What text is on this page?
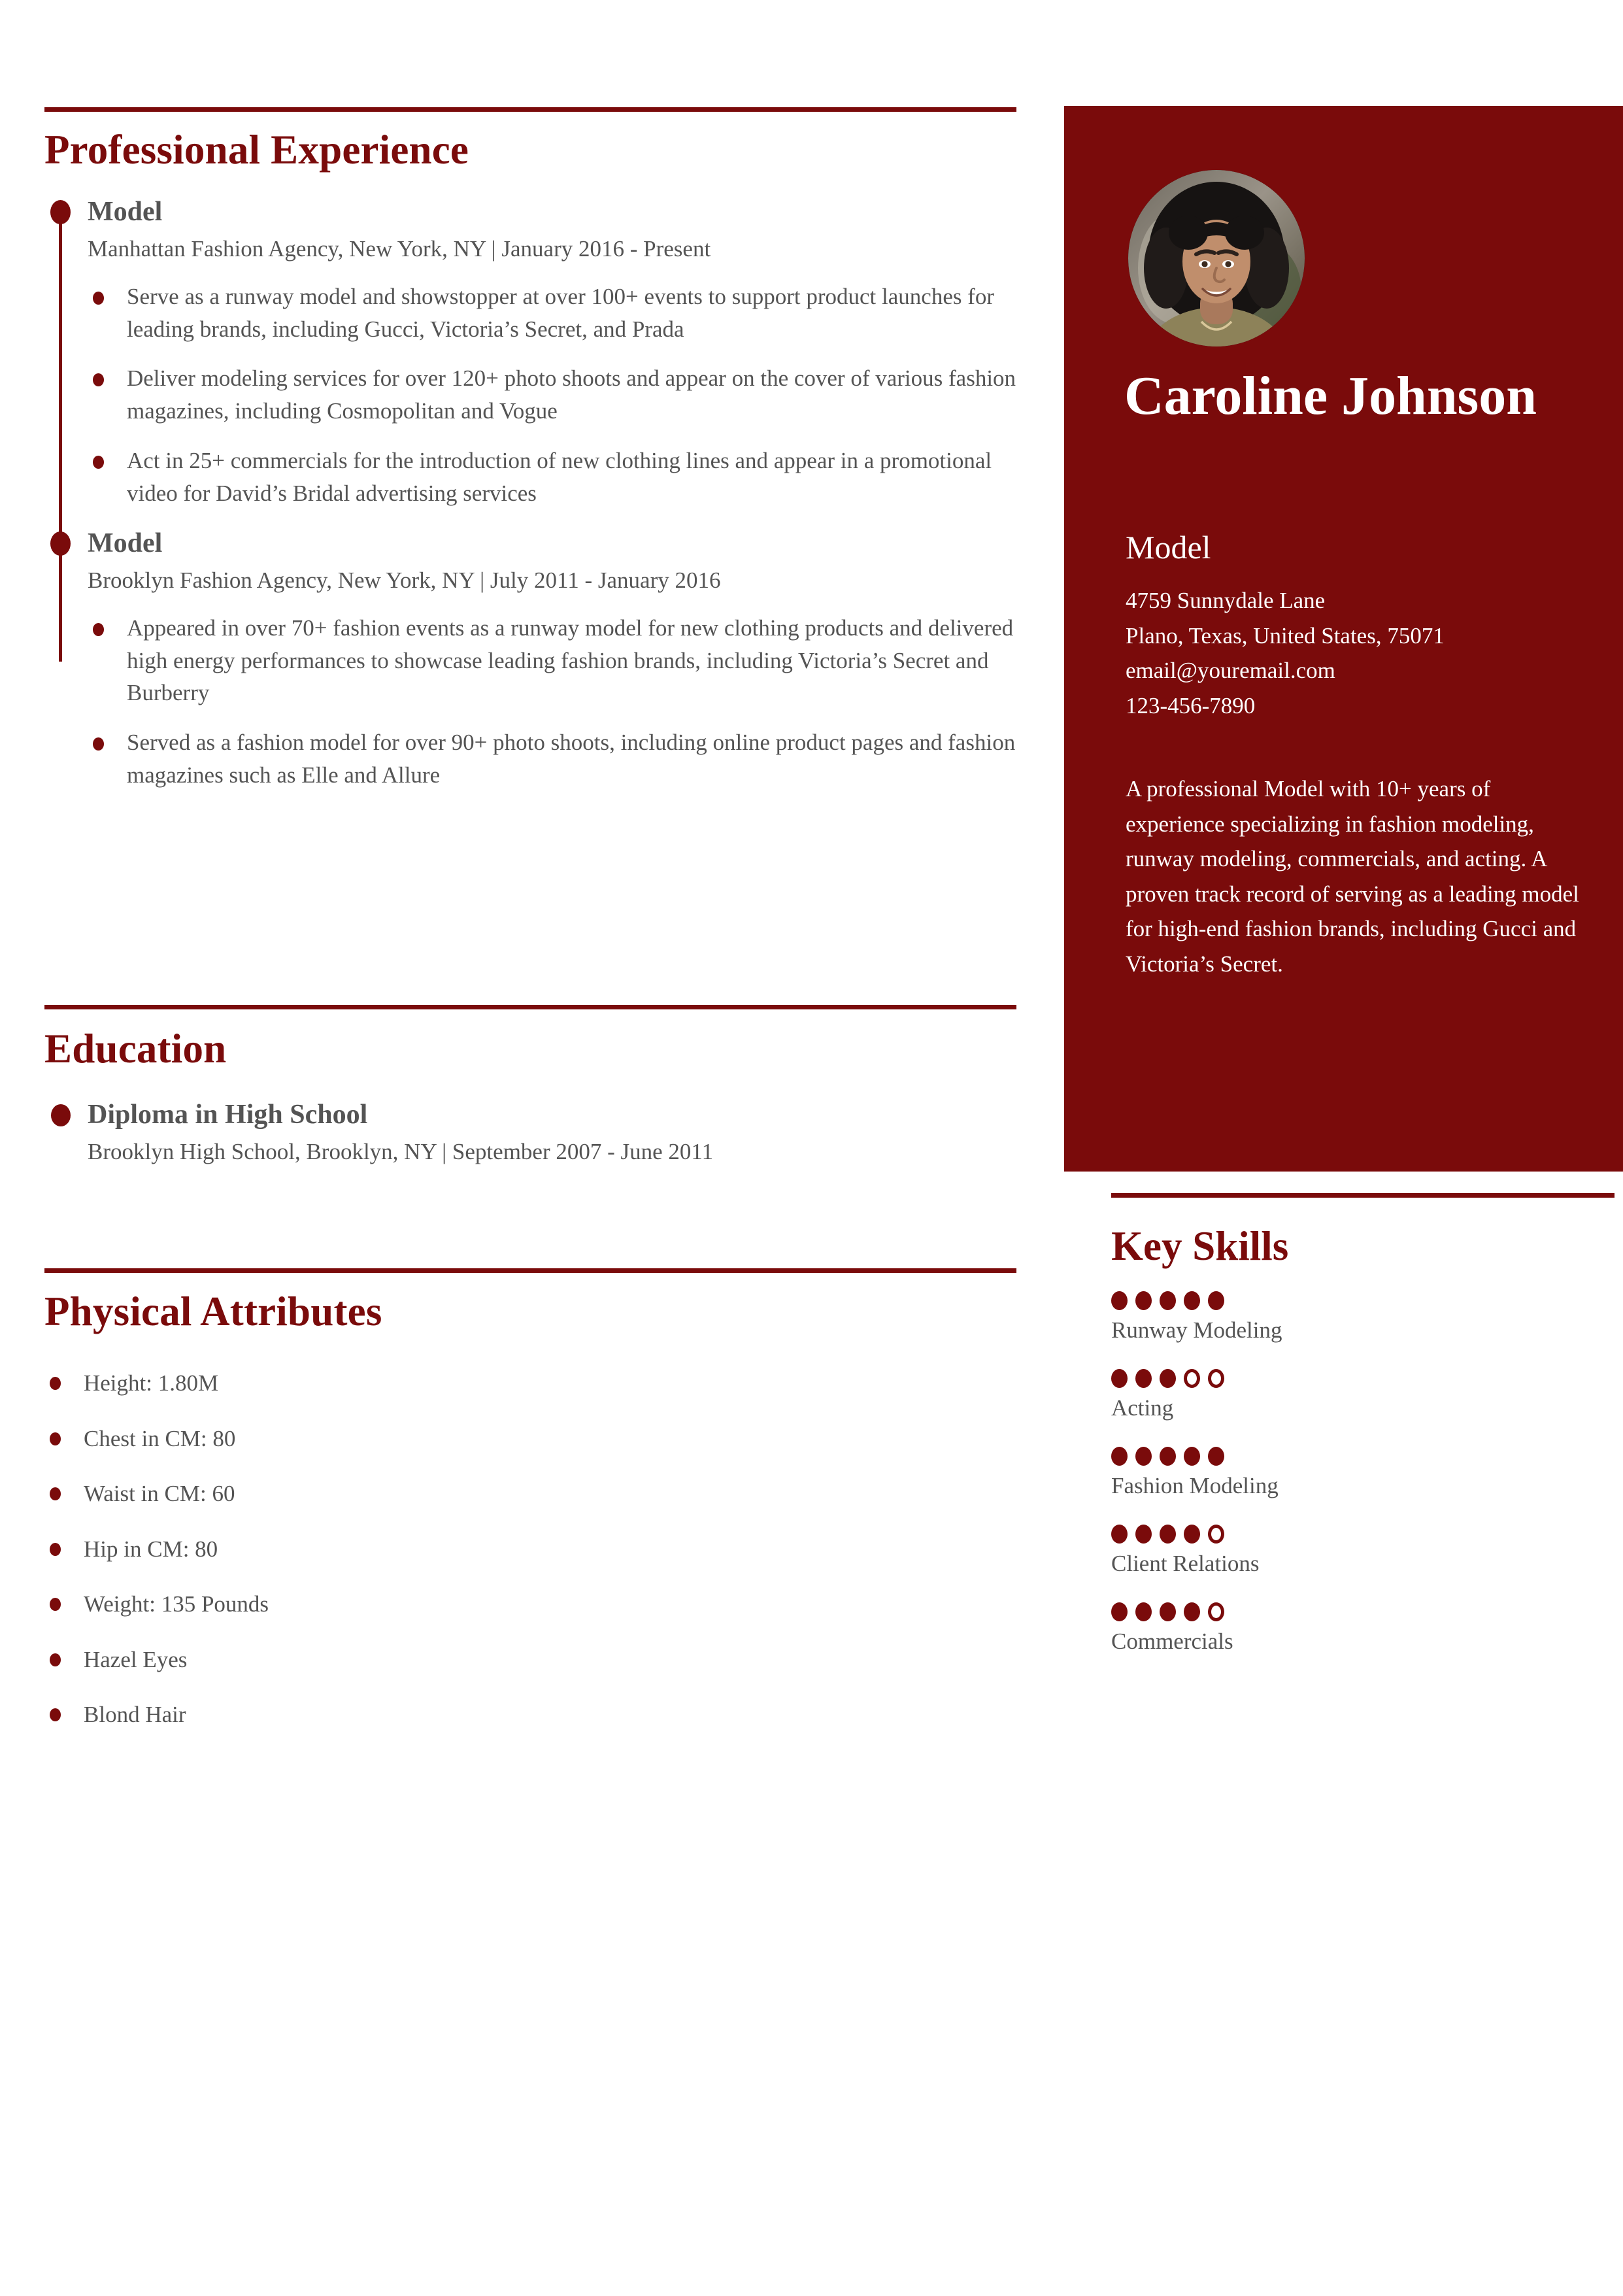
Professional Experience
Model
Manhattan Fashion Agency, New York, NY | January 2016 - Present
Serve as a runway model and showstopper at over 100+ events to support product launches for leading brands, including Gucci, Victoria’s Secret, and Prada
Deliver modeling services for over 120+ photo shoots and appear on the cover of various fashion magazines, including Cosmopolitan and Vogue
Act in 25+ commercials for the introduction of new clothing lines and appear in a promotional video for David’s Bridal advertising services
Model
Brooklyn Fashion Agency, New York, NY | July 2011 - January 2016
Appeared in over 70+ fashion events as a runway model for new clothing products and delivered high energy performances to showcase leading fashion brands, including Victoria’s Secret and Burberry
Served as a fashion model for over 90+ photo shoots, including online product pages and fashion magazines such as Elle and Allure
Education
Diploma in High School
Brooklyn High School, Brooklyn, NY | September 2007 - June 2011
Physical Attributes
Height: 1.80M
Chest in CM: 80
Waist in CM: 60
Hip in CM: 80
Weight: 135 Pounds
Hazel Eyes
Blond Hair
Caroline Johnson
Model
4759 Sunnydale Lane
Plano, Texas, United States, 75071
email@youremail.com
123-456-7890
A professional Model with 10+ years of experience specializing in fashion modeling, runway modeling, commercials, and acting. A proven track record of serving as a leading model for high-end fashion brands, including Gucci and Victoria’s Secret.
Key Skills
Runway Modeling
Acting
Fashion Modeling
Client Relations
Commercials
